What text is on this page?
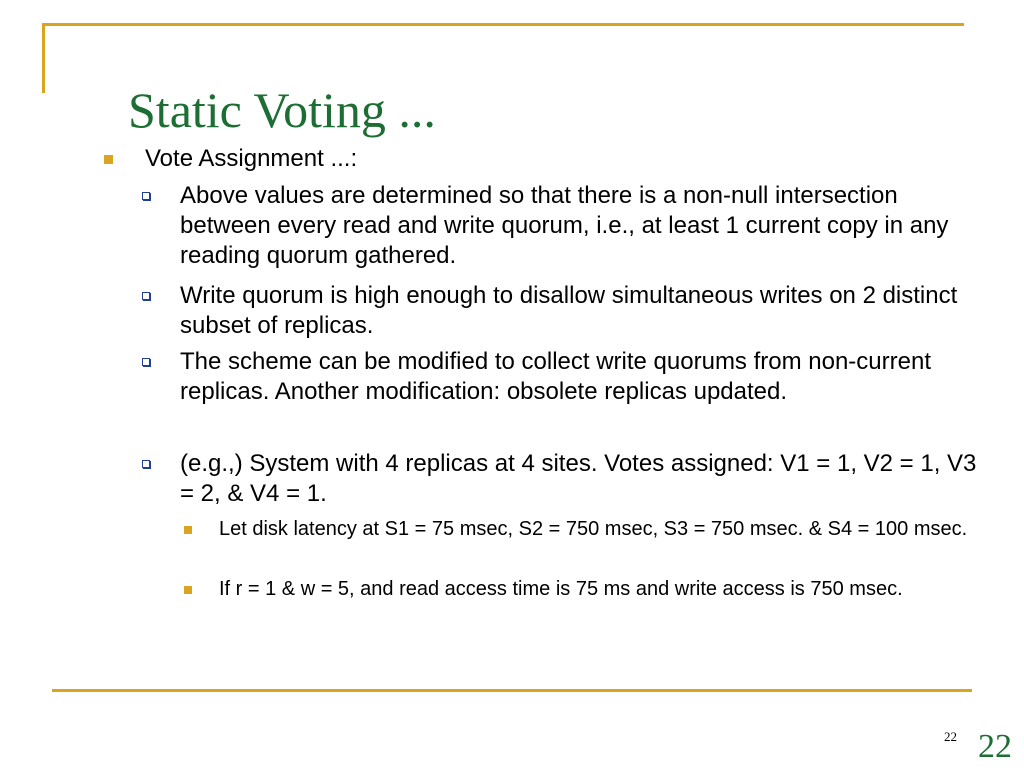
Static Voting ...
Vote Assignment ...:
Above values are determined so that there is a non-null intersection between every read and write quorum, i.e., at least 1 current copy in any reading quorum gathered.
Write quorum is high enough to disallow simultaneous writes on 2 distinct subset of replicas.
The scheme can be modified to collect write quorums from non-current replicas. Another modification: obsolete replicas updated.
(e.g.,) System with 4 replicas at 4 sites. Votes assigned: V1 = 1, V2 = 1, V3 = 2, & V4 = 1.
Let disk latency at S1 = 75 msec, S2 = 750 msec, S3 = 750 msec. & S4 = 100 msec.
If r = 1 & w = 5, and read access time is 75 ms and write access is 750 msec.
22 22
